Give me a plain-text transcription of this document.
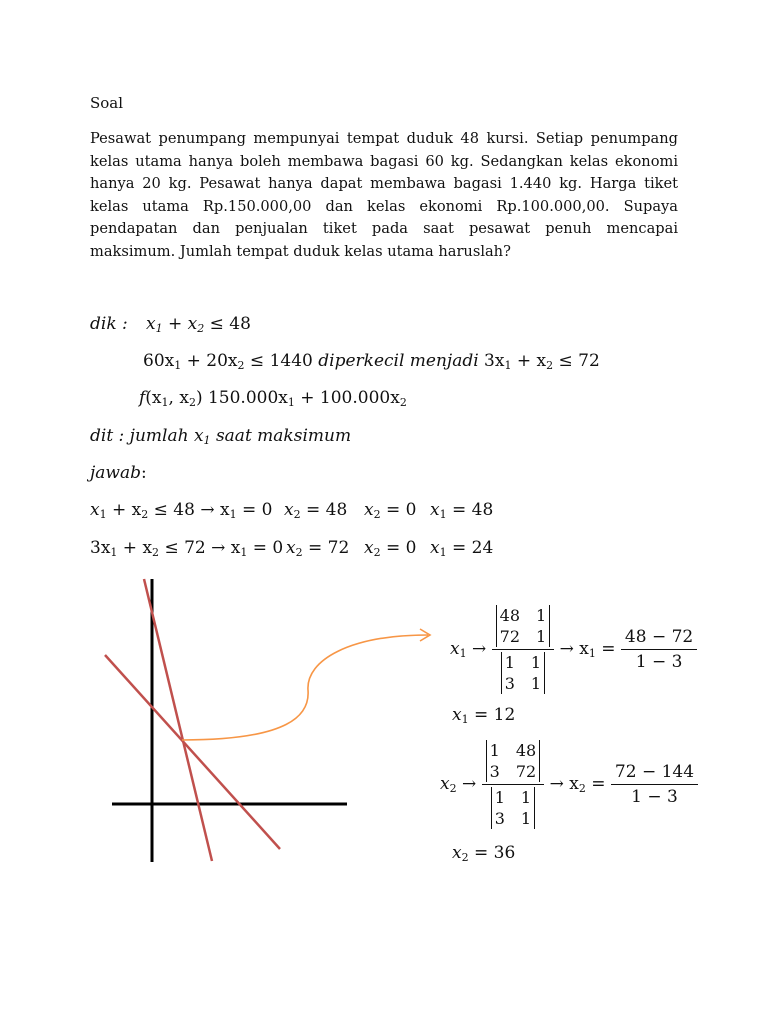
Soal
Pesawat penumpang mempunyai tempat duduk 48 kursi. Setiap penumpang kelas utama hanya boleh membawa bagasi 60 kg. Sedangkan kelas ekonomi hanya 20 kg. Pesawat hanya dapat membawa bagasi 1.440 kg. Harga tiket kelas utama Rp.150.000,00 dan kelas ekonomi Rp.100.000,00. Supaya pendapatan dan penjualan tiket pada saat pesawat penuh mencapai maksimum. Jumlah tempat duduk kelas utama haruslah?
dik : $x_1 + x_2 \le 48$
$60x_1 + 20x_2 \le 1440$ diperkecil menjadi $3x_1 + x_2 \le 72$
$f(x_1$, $x_2$) $150.000x_1 + 100.000x_2$
dit : jumlah $x_1$ saat maksimum
jawab:
$x_1 + x_2 \le 48 \to x_1 = 0$ $x_2 = 48$ $x_2 = 0$ $x_1 = 48$
$3x_1 + x_2 \le 72 \to x_1 = 0$ $x_2 = 72$ $x_2 = 0$ $x_1 = 24$
$x_1 \to 48$ 1
72 1
1 1
3 $1 \to x_1 = \frac{48 - 72}{1 - 3}$
$x_1 = 12$
$x_2 \to 1$ 48
3 72
1 1
3 $1 \to x_2 = \frac{72 - 144}{1 - 3}$
$x_2 = 36$
